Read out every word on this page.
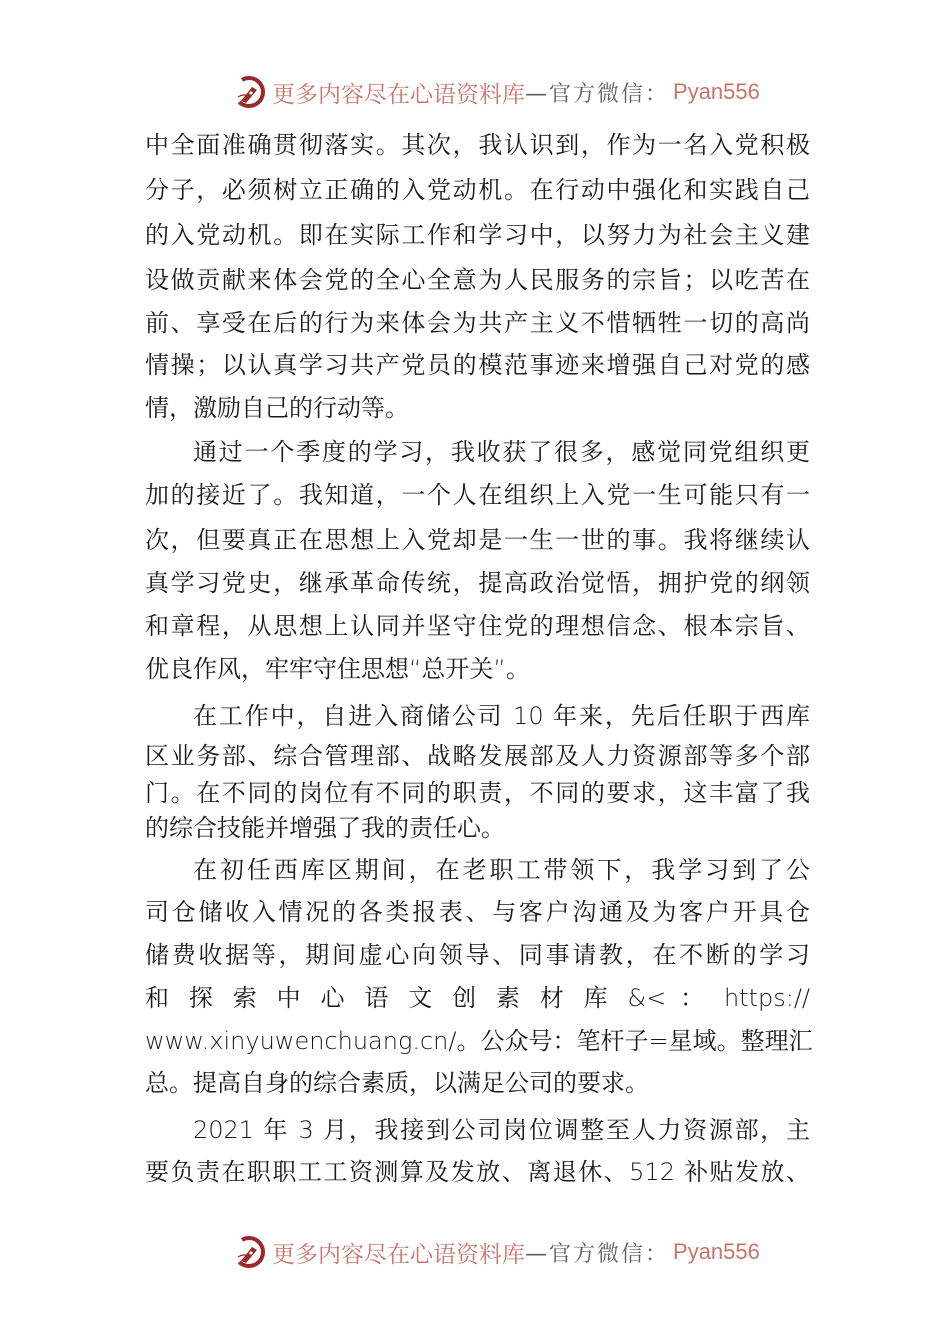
更多内容尽在心语资料库 —官方微信： Pyan556
中全面准确贯彻落实。其次，我认识到，作为一名入党积极
分子，必须树立正确的入党动机。在行动中强化和实践自己
的入党动机。即在实际工作和学习中，以努力为社会主义建
设做贡献来体会党的全心全意为人民服务的宗旨；以吃苦在
前、享受在后的行为来体会为共产主义不惜牺牲一切的高尚
情操；以认真学习共产党员的模范事迹来增强自己对党的感
情，激励自己的行动等。
通过一个季度的学习，我收获了很多，感觉同党组织更
加的接近了。我知道，一个人在组织上入党一生可能只有一
次，但要真正在思想上入党却是一生一世的事。我将继续认
真学习党史，继承革命传统，提高政治觉悟，拥护党的纲领
和章程，从思想上认同并坚守住党的理想信念、根本宗旨、
优良作风，牢牢守住思想“总开关”。
在工作中，自进入商储公司 10 年来，先后任职于西库
区业务部、综合管理部、战略发展部及人力资源部等多个部
门。在不同的岗位有不同的职责，不同的要求，这丰富了我
的综合技能并增强了我的责任心。
在初任西库区期间，在老职工带领下，我学习到了公
司仓储收入情况的各类报表、与客户沟通及为客户开具仓
储费收据等，期间虚心向领导、同事请教，在不断的学习
和 探 索 中 心 语 文 创 素 材 库 &< ： https://
www.xinyuwenchuang.cn/。公众号：笔杆子=星域。整理汇
总。提高自身的综合素质，以满足公司的要求。
2021 年 3 月，我接到公司岗位调整至人力资源部，主
要负责在职职工工资测算及发放、离退休、512 补贴发放、
更多内容尽在心语资料库 —官方微信： Pyan556
